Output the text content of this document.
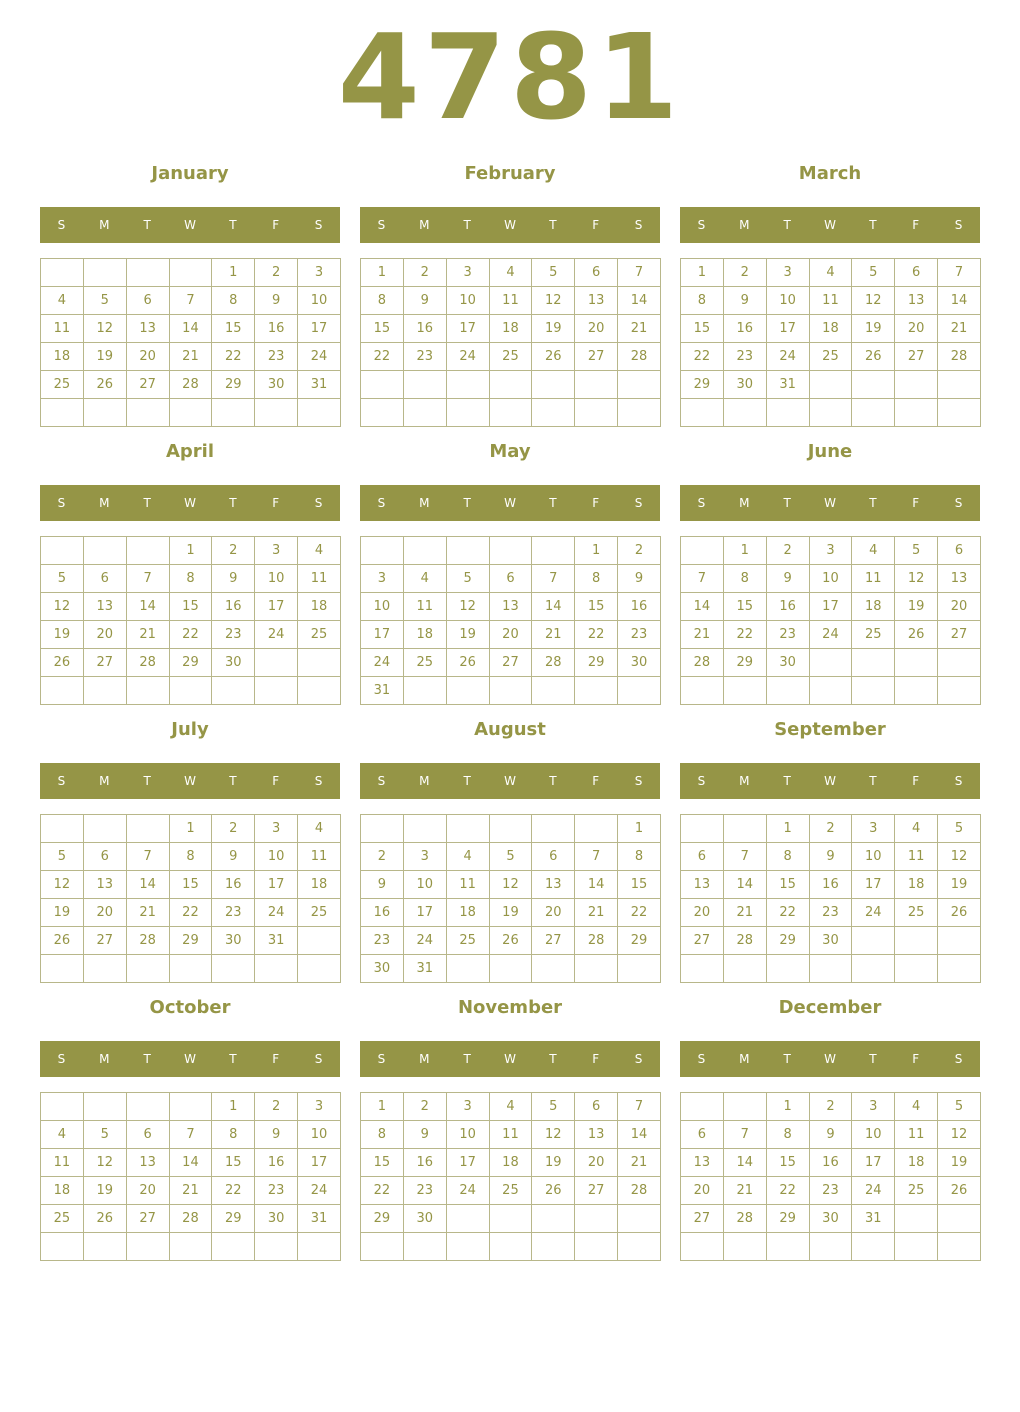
4781
January
S	M	T	W	T	F	S
				1	2	3
4	5	6	7	8	9	10
11	12	13	14	15	16	17
18	19	20	21	22	23	24
25	26	27	28	29	30	31

February
S	M	T	W	T	F	S
1	2	3	4	5	6	7
8	9	10	11	12	13	14
15	16	17	18	19	20	21
22	23	24	25	26	27	28

March
S	M	T	W	T	F	S
1	2	3	4	5	6	7
8	9	10	11	12	13	14
15	16	17	18	19	20	21
22	23	24	25	26	27	28
29	30	31				

April
S	M	T	W	T	F	S
			1	2	3	4
5	6	7	8	9	10	11
12	13	14	15	16	17	18
19	20	21	22	23	24	25
26	27	28	29	30		

May
S	M	T	W	T	F	S
					1	2
3	4	5	6	7	8	9
10	11	12	13	14	15	16
17	18	19	20	21	22	23
24	25	26	27	28	29	30
31						
June
S	M	T	W	T	F	S
	1	2	3	4	5	6
7	8	9	10	11	12	13
14	15	16	17	18	19	20
21	22	23	24	25	26	27
28	29	30				

July
S	M	T	W	T	F	S
			1	2	3	4
5	6	7	8	9	10	11
12	13	14	15	16	17	18
19	20	21	22	23	24	25
26	27	28	29	30	31	

August
S	M	T	W	T	F	S
						1
2	3	4	5	6	7	8
9	10	11	12	13	14	15
16	17	18	19	20	21	22
23	24	25	26	27	28	29
30	31					
September
S	M	T	W	T	F	S
		1	2	3	4	5
6	7	8	9	10	11	12
13	14	15	16	17	18	19
20	21	22	23	24	25	26
27	28	29	30			

October
S	M	T	W	T	F	S
				1	2	3
4	5	6	7	8	9	10
11	12	13	14	15	16	17
18	19	20	21	22	23	24
25	26	27	28	29	30	31

November
S	M	T	W	T	F	S
1	2	3	4	5	6	7
8	9	10	11	12	13	14
15	16	17	18	19	20	21
22	23	24	25	26	27	28
29	30					

December
S	M	T	W	T	F	S
		1	2	3	4	5
6	7	8	9	10	11	12
13	14	15	16	17	18	19
20	21	22	23	24	25	26
27	28	29	30	31		
